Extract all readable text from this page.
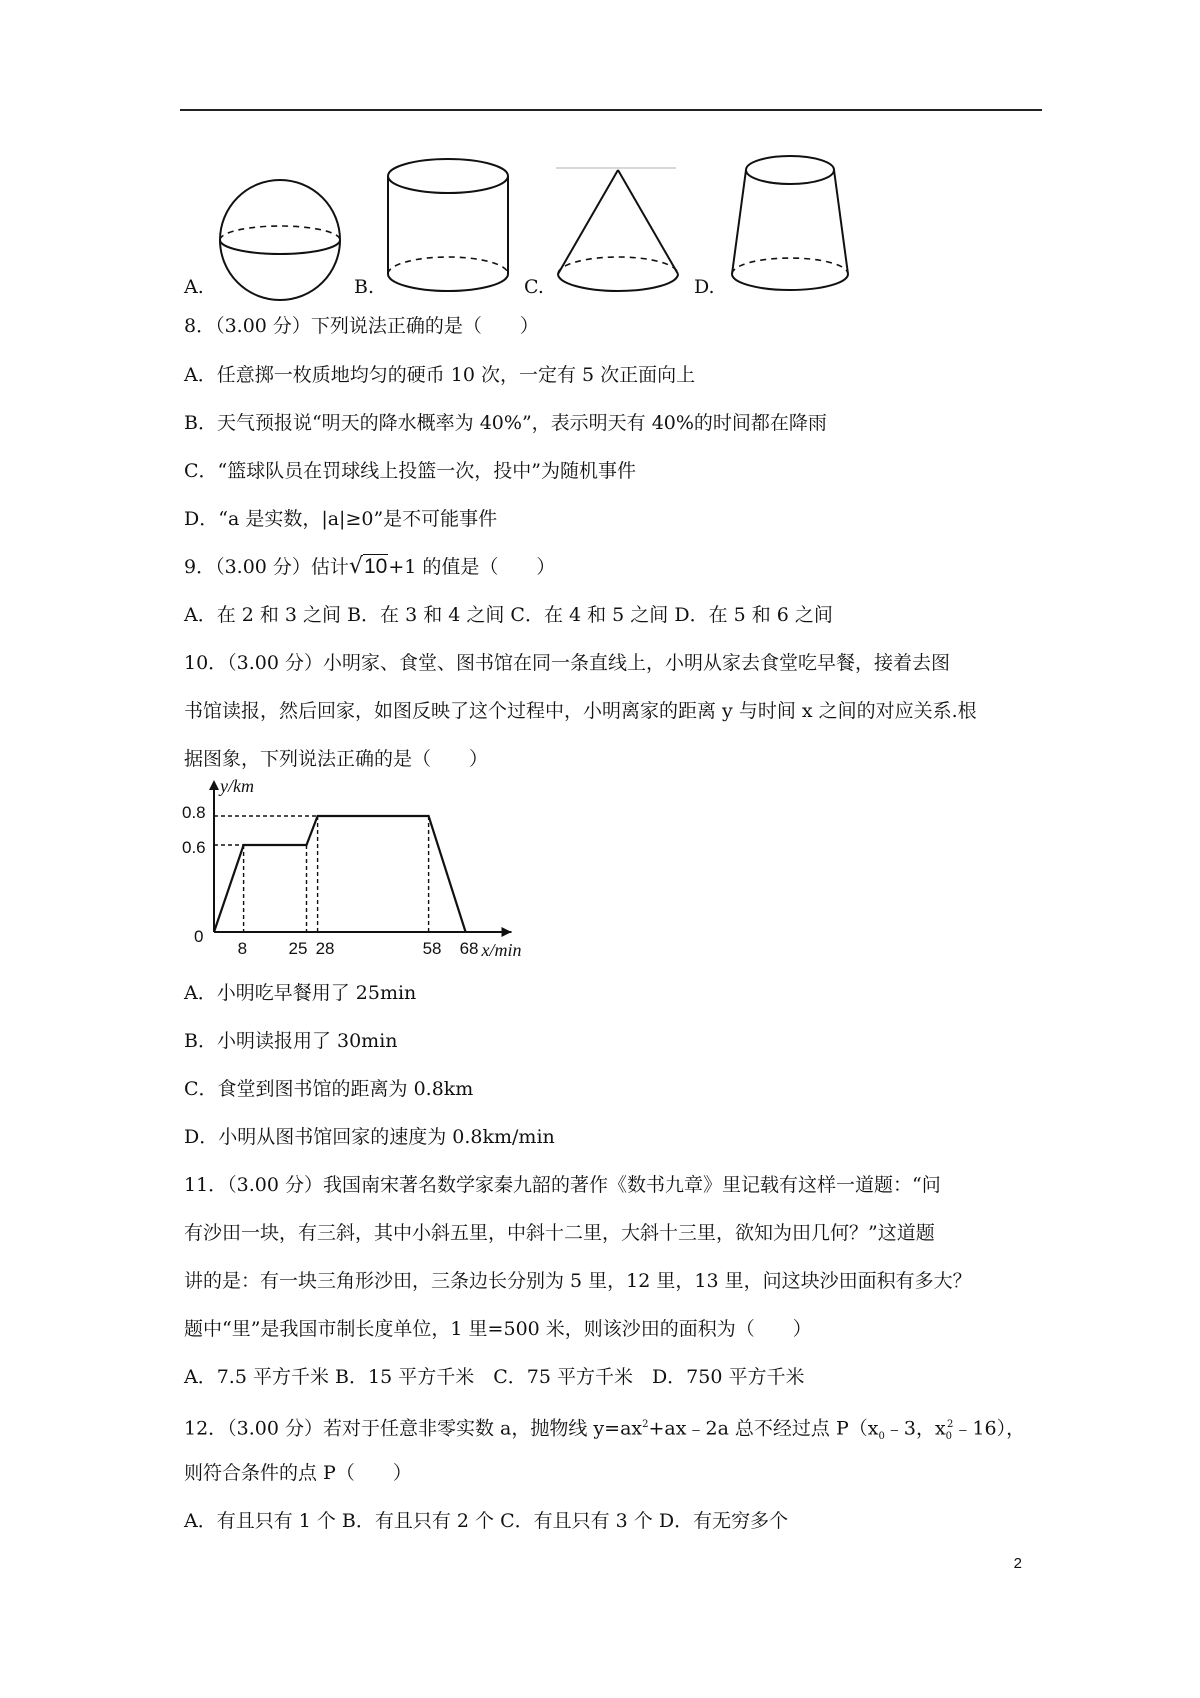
A.	B.	C.	D.
8．（3.00 分）下列说法正确的是（　　）
A．任意掷一枚质地均匀的硬币 10 次，一定有 5 次正面向上
B．天气预报说“明天的降水概率为 40%”，表示明天有 40%的时间都在降雨
C．“篮球队员在罚球线上投篮一次，投中”为随机事件
D．“a 是实数，|a|≥0”是不可能事件
9．（3.00 分）估计√10+1 的值是（　　）
A．在 2 和 3 之间 B．在 3 和 4 之间 C．在 4 和 5 之间 D．在 5 和 6 之间
10．（3.00 分）小明家、食堂、图书馆在同一条直线上，小明从家去食堂吃早餐，接着去图
书馆读报，然后回家，如图反映了这个过程中，小明离家的距离 y 与时间 x 之间的对应关系.根
据图象，下列说法正确的是（　　）
8 25 28	58 68
0.6
0.8
0
y/km
x/min
A．小明吃早餐用了 25min
B．小明读报用了 30min
C．食堂到图书馆的距离为 0.8km
D．小明从图书馆回家的速度为 0.8km/min
11．（3.00 分）我国南宋著名数学家秦九韶的著作《数书九章》里记载有这样一道题：“问
有沙田一块，有三斜，其中小斜五里，中斜十二里，大斜十三里，欲知为田几何？”这道题
讲的是：有一块三角形沙田，三条边长分别为 5 里，12 里，13 里，问这块沙田面积有多大？
题中“里”是我国市制长度单位，1 里=500 米，则该沙田的面积为（　　）
A．7.5 平方千米 B．15 平方千米　C．75 平方千米　D．750 平方千米
12．（3.00 分）若对于任意非零实数 a，抛物线 $y=ax^2+ax﹣2a$ 总不经过点 $P(x_0﹣3$，$x_0^2﹣16$），
则符合条件的点 P（　　）
A．有且只有 1 个 B．有且只有 2 个 C．有且只有 3 个 D．有无穷多个
2
